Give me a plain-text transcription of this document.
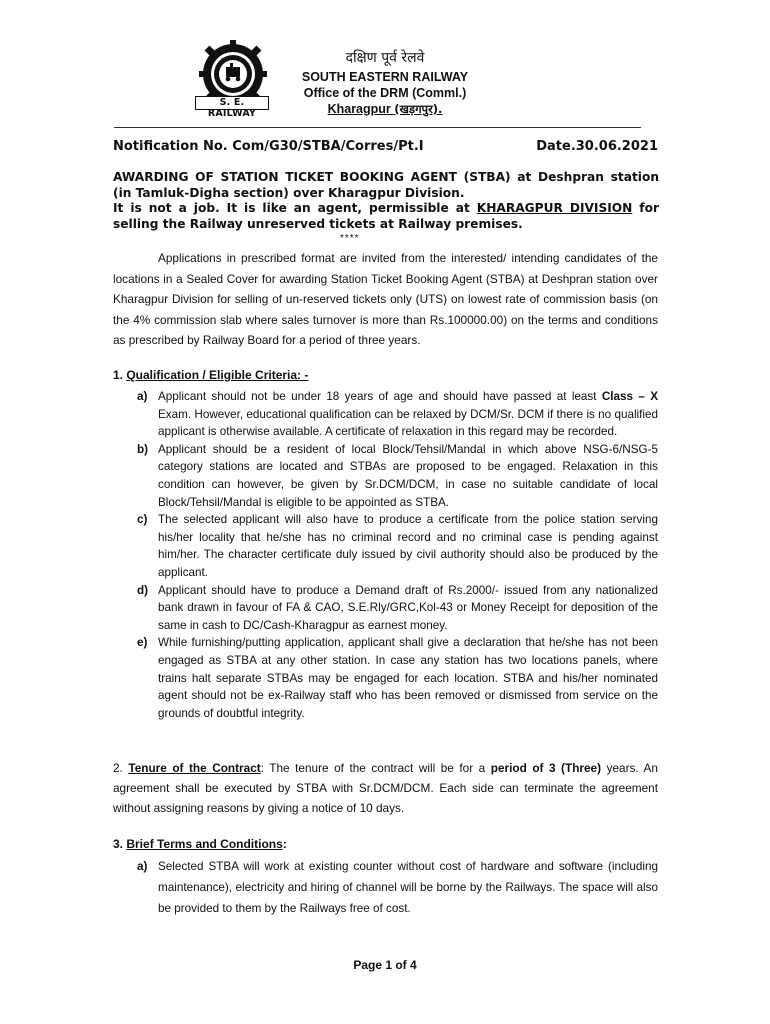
S. E. RAILWAY
दक्षिण पूर्व रेलवे
SOUTH EASTERN RAILWAY
Office of the DRM (Comml.)
Kharagpur (खड़गपुर).
Notification No. Com/G30/STBA/Corres/Pt.I	Date.30.06.2021
AWARDING OF STATION TICKET BOOKING AGENT (STBA) at Deshpran station (in Tamluk-Digha section) over Kharagpur Division.
It is not a job. It is like an agent, permissible at KHARAGPUR DIVISION for selling the Railway unreserved tickets at Railway premises.
****
Applications in prescribed format are invited from the interested/ intending candidates of the locations in a Sealed Cover for awarding Station Ticket Booking Agent (STBA) at Deshpran station over Kharagpur Division for selling of un-reserved tickets only (UTS) on lowest rate of commission basis (on the 4% commission slab where sales turnover is more than Rs.100000.00) on the terms and conditions as prescribed by Railway Board for a period of three years.
1. Qualification / Eligible Criteria: -
a) Applicant should not be under 18 years of age and should have passed at least Class – X Exam. However, educational qualification can be relaxed by DCM/Sr. DCM if there is no qualified applicant is otherwise available. A certificate of relaxation in this regard may be recorded.
b) Applicant should be a resident of local Block/Tehsil/Mandal in which above NSG-6/NSG-5 category stations are located and STBAs are proposed to be engaged. Relaxation in this condition can however, be given by Sr.DCM/DCM, in case no suitable candidate of local Block/Tehsil/Mandal is eligible to be appointed as STBA.
c) The selected applicant will also have to produce a certificate from the police station serving his/her locality that he/she has no criminal record and no criminal case is pending against him/her. The character certificate duly issued by civil authority should also be produced by the applicant.
d) Applicant should have to produce a Demand draft of Rs.2000/- issued from any nationalized bank drawn in favour of FA & CAO, S.E.Rly/GRC,Kol-43 or Money Receipt for deposition of the same in cash to DC/Cash-Kharagpur as earnest money.
e) While furnishing/putting application, applicant shall give a declaration that he/she has not been engaged as STBA at any other station. In case any station has two locations panels, where trains halt separate STBAs may be engaged for each location. STBA and his/her nominated agent should not be ex-Railway staff who has been removed or dismissed from service on the grounds of doubtful integrity.
2. Tenure of the Contract: The tenure of the contract will be for a period of 3 (Three) years. An agreement shall be executed by STBA with Sr.DCM/DCM. Each side can terminate the agreement without assigning reasons by giving a notice of 10 days.
3. Brief Terms and Conditions:
a) Selected STBA will work at existing counter without cost of hardware and software (including maintenance), electricity and hiring of channel will be borne by the Railways. The space will also be provided to them by the Railways free of cost.
Page 1 of 4
